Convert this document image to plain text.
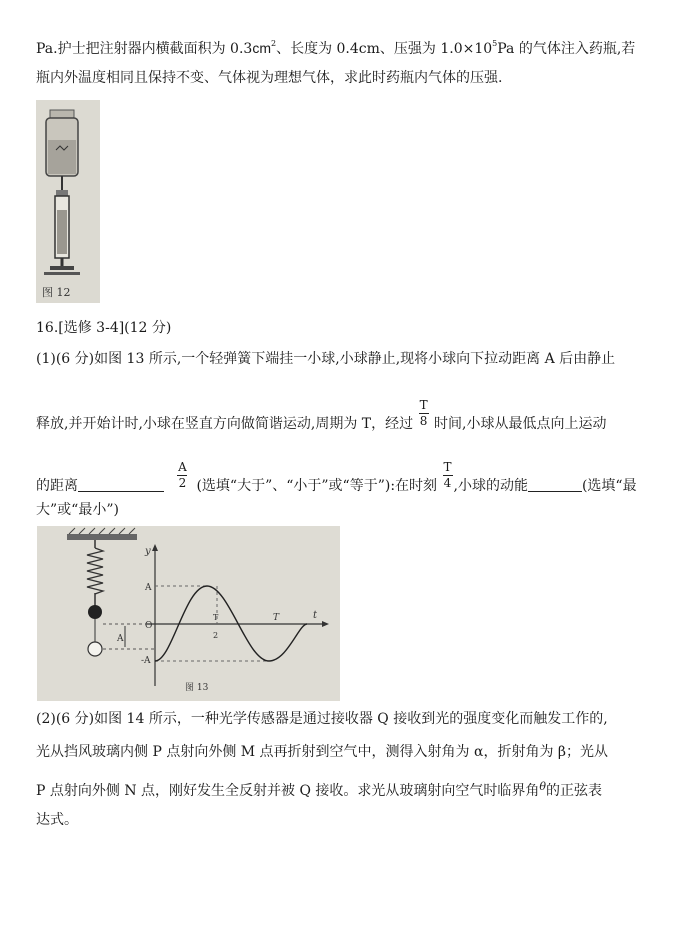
Pa.护士把注射器内横截面积为 $0.3cm^2$、长度为 0.4cm、压强为 $1.0\times 10^5Pa$ 的气体注入药瓶,若
瓶内外温度相同且保持不变、气体视为理想气体，求此时药瓶内气体的压强.
图 12
16.[选修 3-4](12 分)
(1)(6 分)如图 13 所示,一个轻弹簧下端挂一小球,小球静止,现将小球向下拉动距离 A 后由静止
释放,并开始计时,小球在竖直方向做简谐运动,周期为 T，经过 $\frac{T}{8}$ 时间,小球从最低点向上运动
的距离	$\frac{A}{2}$ (选填“大于”、“小于”或“等于”):在时刻 $\frac{T}{4}$ ,小球的动能	(选填“最
大”或“最小”)
A
y
A
O
-A
t
T
2
T
图 13
(2)(6 分)如图 14 所示，一种光学传感器是通过接收器 Q 接收到光的强度变化而触发工作的,
光从挡风玻璃内侧 P 点射向外侧 M 点再折射到空气中，测得入射角为 α，折射角为 β；光从
P 点射向外侧 N 点，刚好发生全反射并被 Q 接收。求光从玻璃射向空气时临界角$^\theta$的正弦表
达式。
